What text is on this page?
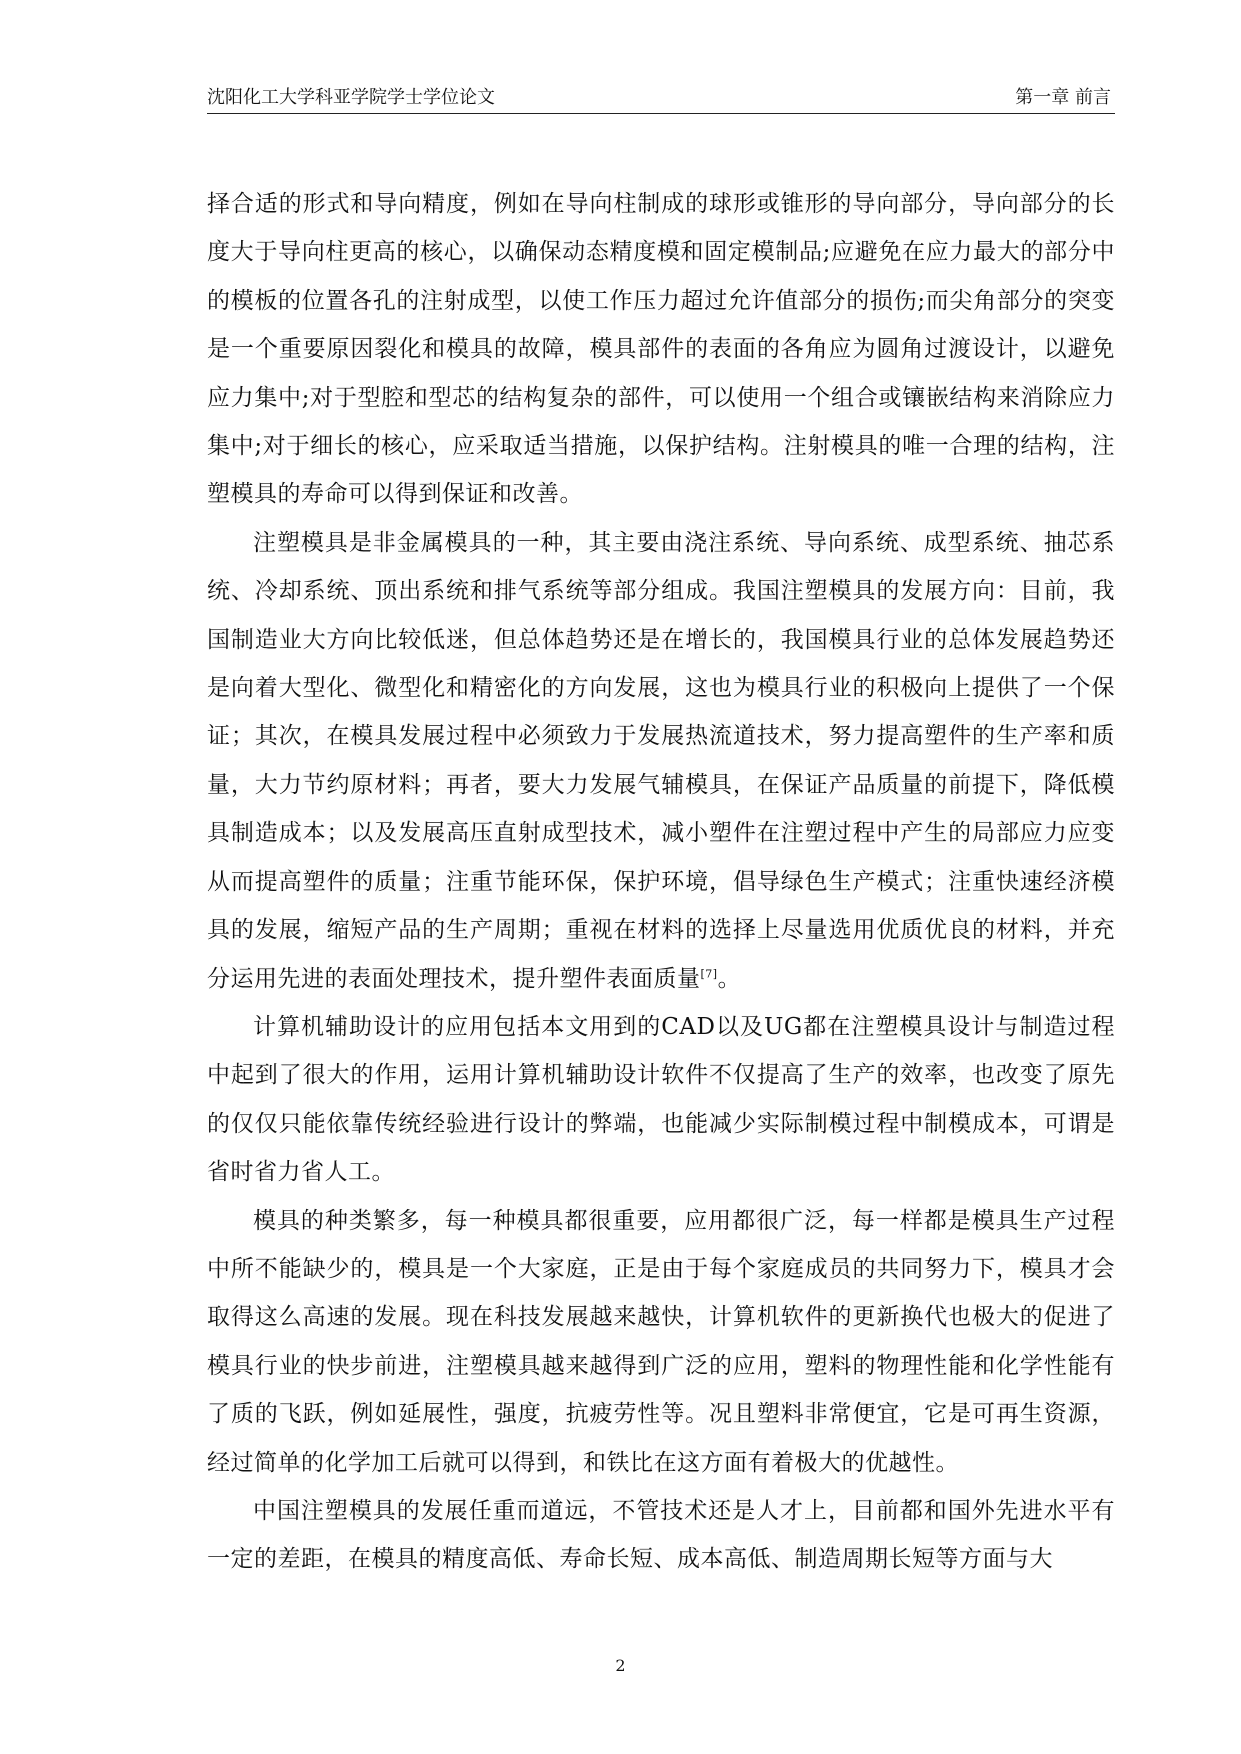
沈阳化工大学科亚学院学士学位论文	第一章 前言

择合适的形式和导向精度，例如在导向柱制成的球形或锥形的导向部分，导向部分的长度大于导向柱更高的核心，以确保动态精度模和固定模制品;应避免在应力最大的部分中的模板的位置各孔的注射成型，以使工作压力超过允许值部分的损伤;而尖角部分的突变是一个重要原因裂化和模具的故障，模具部件的表面的各角应为圆角过渡设计，以避免应力集中;对于型腔和型芯的结构复杂的部件，可以使用一个组合或镶嵌结构来消除应力集中;对于细长的核心，应采取适当措施，以保护结构。注射模具的唯一合理的结构，注塑模具的寿命可以得到保证和改善。

注塑模具是非金属模具的一种，其主要由浇注系统、导向系统、成型系统、抽芯系统、冷却系统、顶出系统和排气系统等部分组成。我国注塑模具的发展方向：目前，我国制造业大方向比较低迷，但总体趋势还是在增长的，我国模具行业的总体发展趋势还是向着大型化、微型化和精密化的方向发展，这也为模具行业的积极向上提供了一个保证；其次，在模具发展过程中必须致力于发展热流道技术，努力提高塑件的生产率和质量，大力节约原材料；再者，要大力发展气辅模具，在保证产品质量的前提下，降低模具制造成本；以及发展高压直射成型技术，减小塑件在注塑过程中产生的局部应力应变从而提高塑件的质量；注重节能环保，保护环境，倡导绿色生产模式；注重快速经济模具的发展，缩短产品的生产周期；重视在材料的选择上尽量选用优质优良的材料，并充分运用先进的表面处理技术，提升塑件表面质量[7]。

计算机辅助设计的应用包括本文用到的CAD以及UG都在注塑模具设计与制造过程中起到了很大的作用，运用计算机辅助设计软件不仅提高了生产的效率，也改变了原先的仅仅只能依靠传统经验进行设计的弊端，也能减少实际制模过程中制模成本，可谓是省时省力省人工。

模具的种类繁多，每一种模具都很重要，应用都很广泛，每一样都是模具生产过程中所不能缺少的，模具是一个大家庭，正是由于每个家庭成员的共同努力下，模具才会取得这么高速的发展。现在科技发展越来越快，计算机软件的更新换代也极大的促进了模具行业的快步前进，注塑模具越来越得到广泛的应用，塑料的物理性能和化学性能有了质的飞跃，例如延展性，强度，抗疲劳性等。况且塑料非常便宜，它是可再生资源，经过简单的化学加工后就可以得到，和铁比在这方面有着极大的优越性。

中国注塑模具的发展任重而道远，不管技术还是人才上，目前都和国外先进水平有一定的差距，在模具的精度高低、寿命长短、成本高低、制造周期长短等方面与大

2
